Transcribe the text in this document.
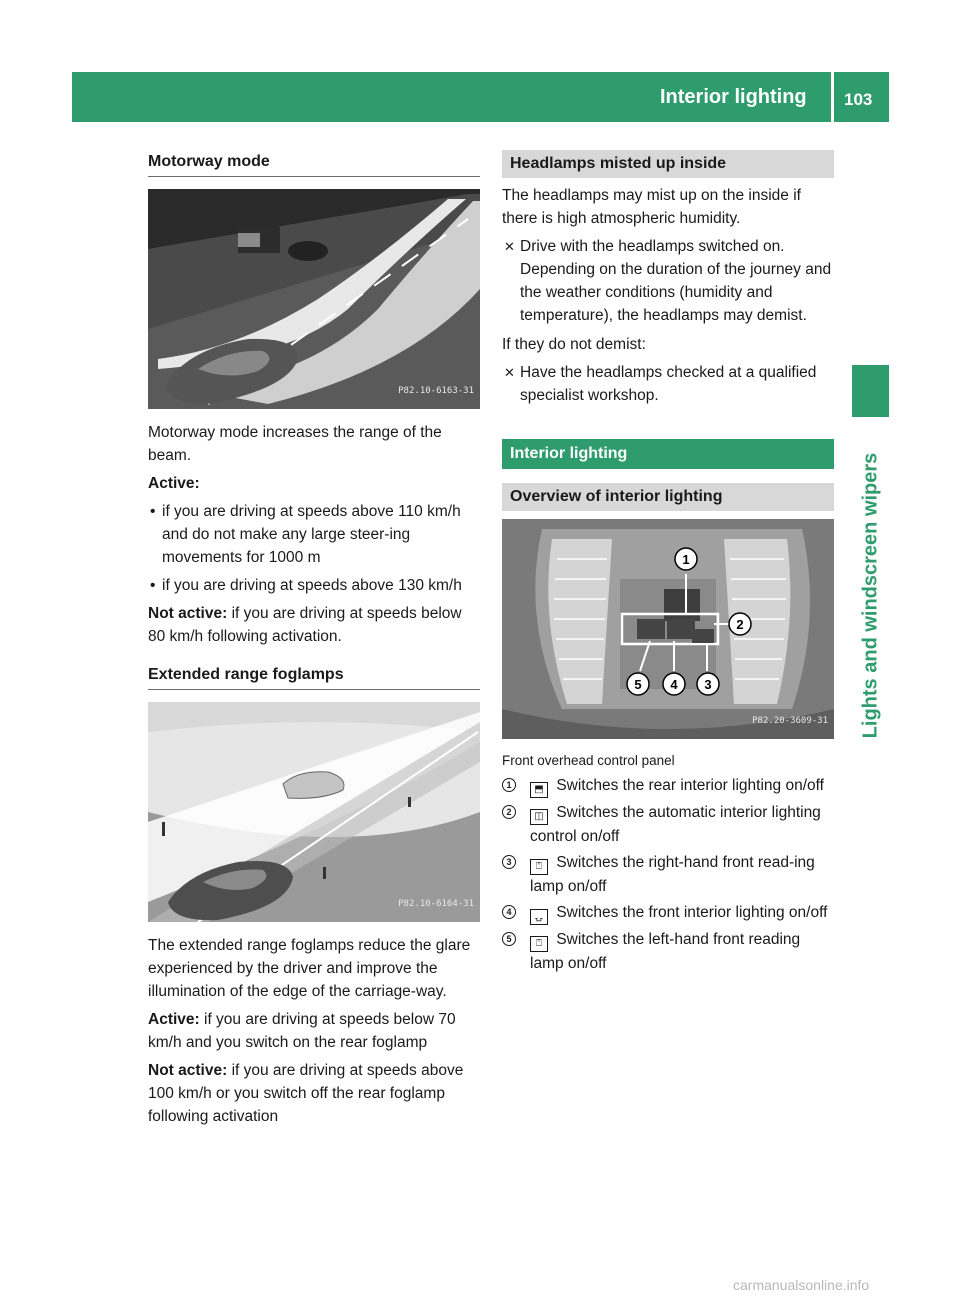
Interior lighting 103
Lights and windscreen wipers
Motorway mode
P82.10-6163-31

Motorway mode increases the range of the beam.

Active:

• if you are driving at speeds above 110 km/h and do not make any large steer-ing movements for 1000 m
• if you are driving at speeds above 130 km/h

Not active: if you are driving at speeds below 80 km/h following activation.

Extended range foglamps
P82.10-6164-31

The extended range foglamps reduce the glare experienced by the driver and improve the illumination of the edge of the carriage-way.

Active: if you are driving at speeds below 70 km/h and you switch on the rear foglamp

Not active: if you are driving at speeds above 100 km/h or you switch off the rear foglamp following activation

Headlamps misted up inside

The headlamps may mist up on the inside if there is high atmospheric humidity.

✕ Drive with the headlamps switched on. Depending on the duration of the journey and the weather conditions (humidity and temperature), the headlamps may demist.

If they do not demist:

✕ Have the headlamps checked at a qualified specialist workshop.
Interior lighting
Overview of interior lighting
1
2
3
4
5
P82.20-3609-31
Front overhead control panel
1	⬒ Switches the rear interior lighting on/off
2	◫ Switches the automatic interior lighting control on/off
3	⍞ Switches the right-hand front read-ing lamp on/off
4	⍽ Switches the front interior lighting on/off
5	⍞ Switches the left-hand front reading lamp on/off
carmanualsonline.info
